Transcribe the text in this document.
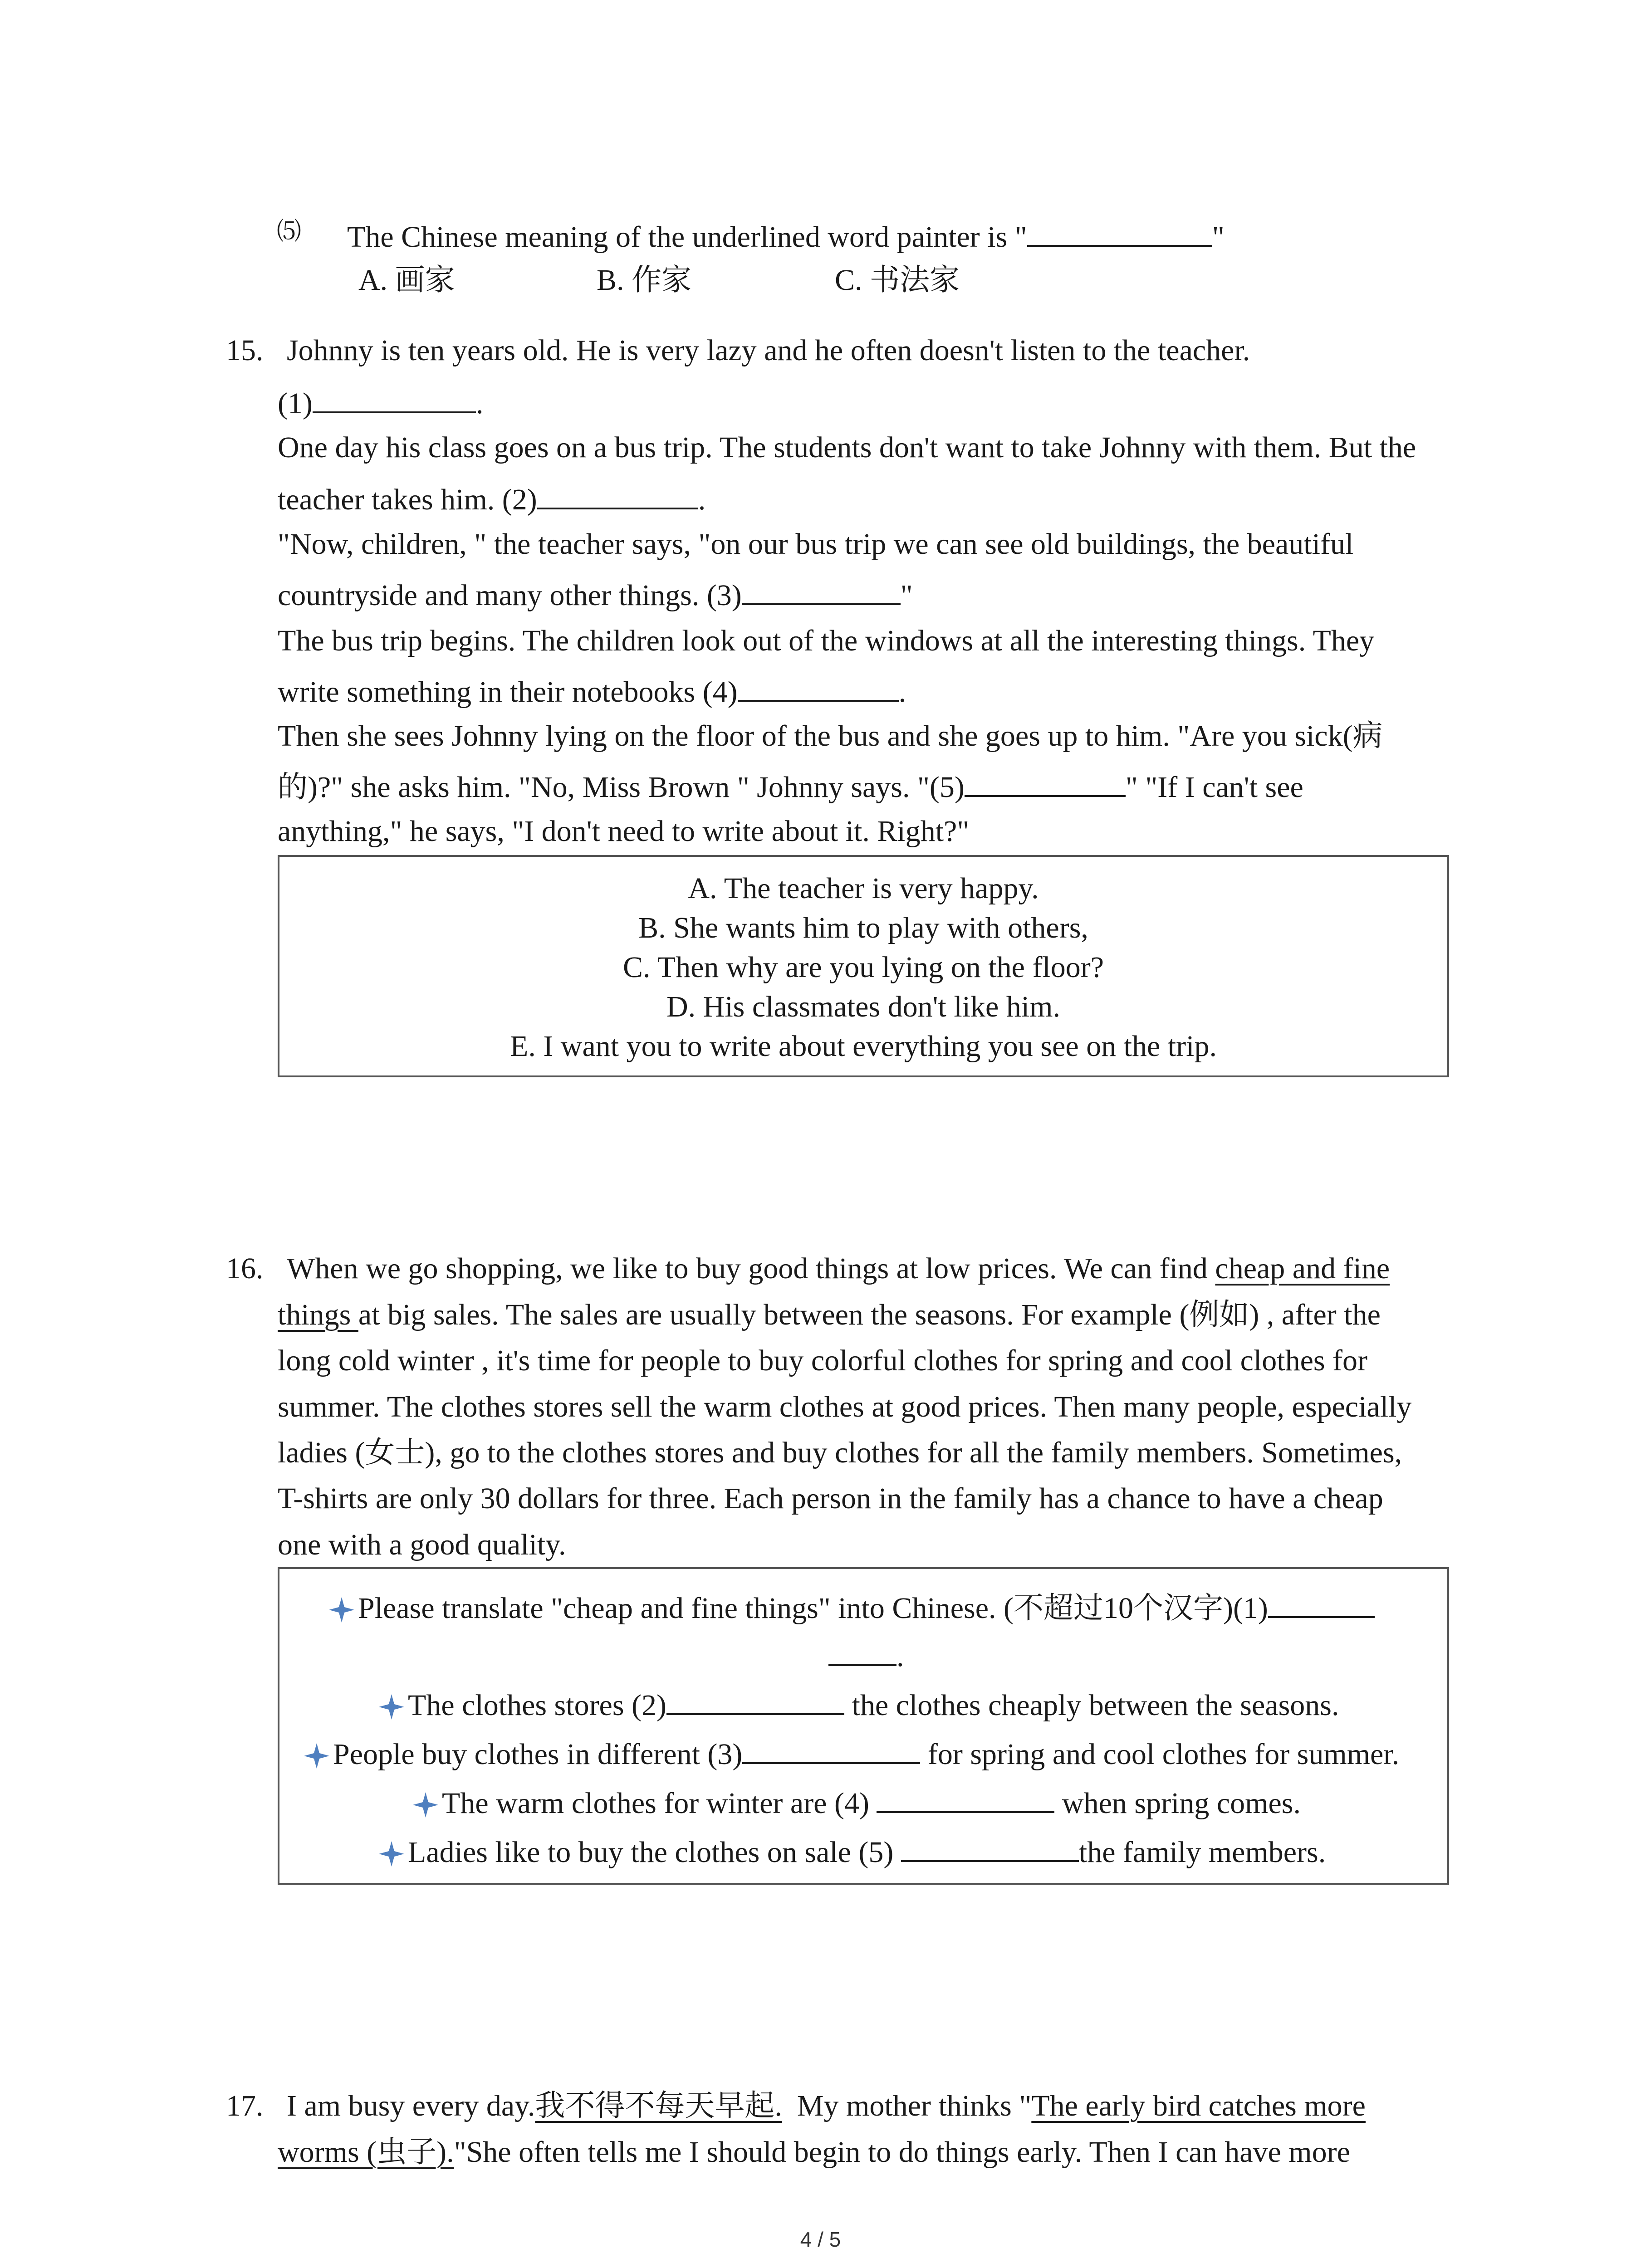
⑸ The Chinese meaning of the underlined word painter is "	"
A. 画家	B. 作家	C. 书法家
15. Johnny is ten years old. He is very lazy and he often doesn't listen to the teacher.
(1)	.
One day his class goes on a bus trip. The students don't want to take Johnny with them. But the
teacher takes him. (2)	.
"Now, children, " the teacher says, "on our bus trip we can see old buildings, the beautiful
countryside and many other things. (3)	"
The bus trip begins. The children look out of the windows at all the interesting things. They
write something in their notebooks (4)	.
Then she sees Johnny lying on the floor of the bus and she goes up to him. "Are you sick(病
的)?" she asks him. "No, Miss Brown " Johnny says. "(5)	" "If I can't see
anything," he says, "I don't need to write about it. Right?"
A. The teacher is very happy.
B. She wants him to play with others,
C. Then why are you lying on the floor?
D. His classmates don't like him.
E. I want you to write about everything you see on the trip.
16. When we go shopping, we like to buy good things at low prices. We can find cheap and fine
things at big sales. The sales are usually between the seasons. For example (例如) , after the
long cold winter , it's time for people to buy colorful clothes for spring and cool clothes for
summer. The clothes stores sell the warm clothes at good prices. Then many people, especially
ladies (女士), go to the clothes stores and buy clothes for all the family members. Sometimes,
T-shirts are only 30 dollars for three. Each person in the family has a chance to have a cheap
one with a good quality.
Please translate "cheap and fine things" into Chinese. (不超过10个汉字)(1)
.
The clothes stores (2)	the clothes cheaply between the seasons.
People buy clothes in different (3)	for spring and cool clothes for summer.
The warm clothes for winter are (4)	when spring comes.
Ladies like to buy the clothes on sale (5)	the family members.
17. I am busy every day.我不得不每天早起.  My mother thinks "The early bird catches more
worms (虫子)."She often tells me I should begin to do things early. Then I can have more
4 / 5
